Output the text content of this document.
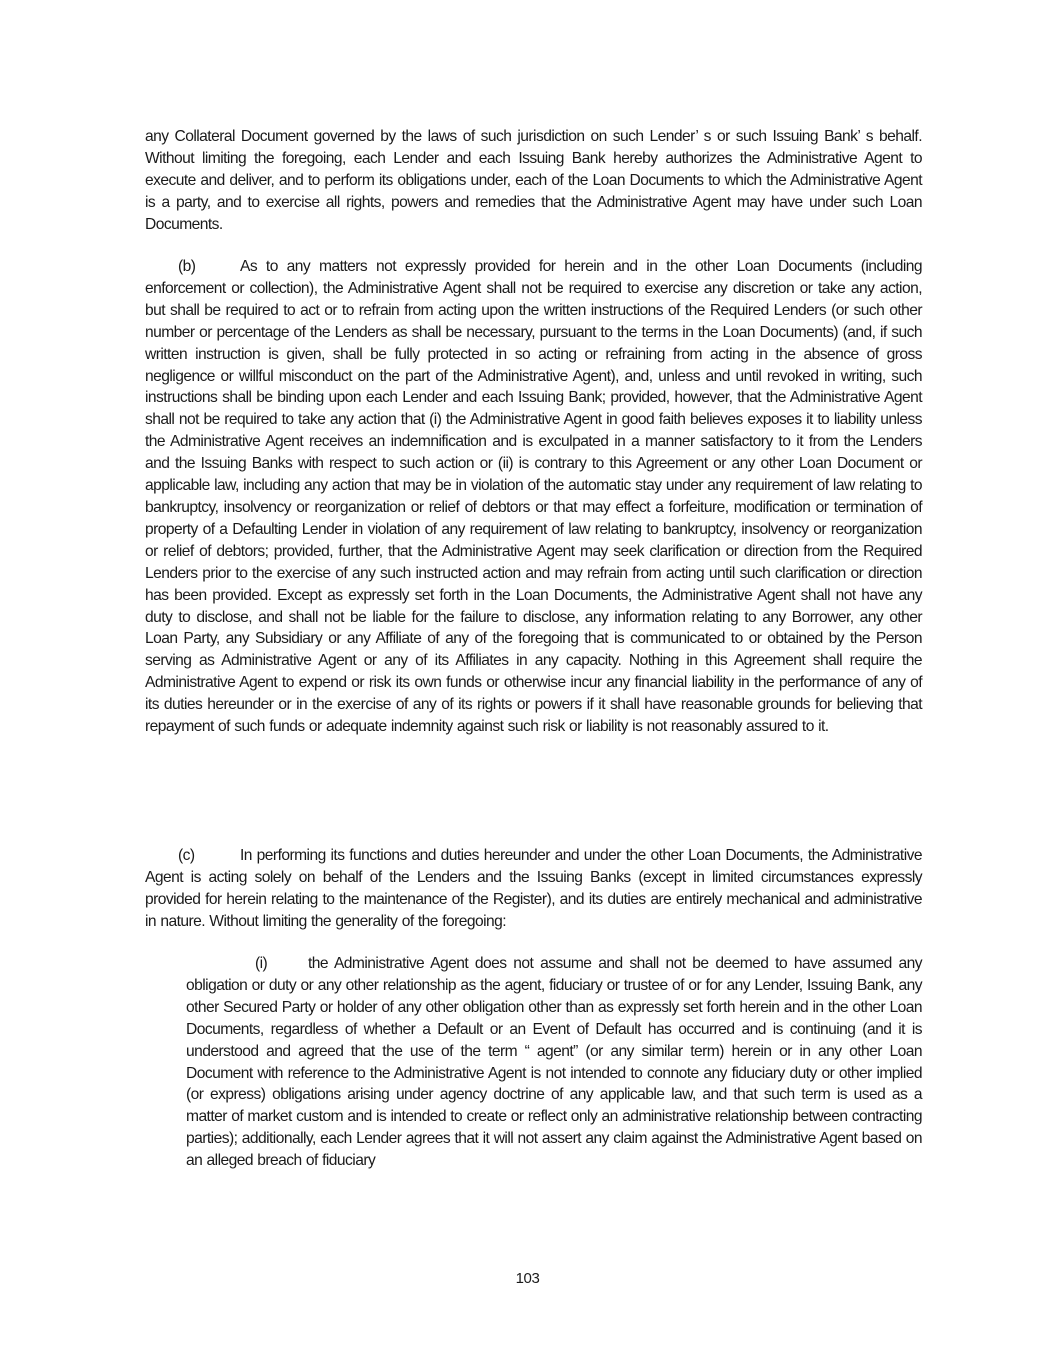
any Collateral Document governed by the laws of such jurisdiction on such Lender’ s or such Issuing Bank’ s behalf. Without limiting the foregoing, each Lender and each Issuing Bank hereby authorizes the Administrative Agent to execute and deliver, and to perform its obligations under, each of the Loan Documents to which the Administrative Agent is a party, and to exercise all rights, powers and remedies that the Administrative Agent may have under such Loan Documents.

(b)	As to any matters not expressly provided for herein and in the other Loan Documents (including enforcement or collection), the Administrative Agent shall not be required to exercise any discretion or take any action, but shall be required to act or to refrain from acting upon the written instructions of the Required Lenders (or such other number or percentage of the Lenders as shall be necessary, pursuant to the terms in the Loan Documents) (and, if such written instruction is given, shall be fully protected in so acting or refraining from acting in the absence of gross negligence or willful misconduct on the part of the Administrative Agent), and, unless and until revoked in writing, such instructions shall be binding upon each Lender and each Issuing Bank; provided, however, that the Administrative Agent shall not be required to take any action that (i) the Administrative Agent in good faith believes exposes it to liability unless the Administrative Agent receives an indemnification and is exculpated in a manner satisfactory to it from the Lenders and the Issuing Banks with respect to such action or (ii) is contrary to this Agreement or any other Loan Document or applicable law, including any action that may be in violation of the automatic stay under any requirement of law relating to bankruptcy, insolvency or reorganization or relief of debtors or that may effect a forfeiture, modification or termination of property of a Defaulting Lender in violation of any requirement of law relating to bankruptcy, insolvency or reorganization or relief of debtors; provided, further, that the Administrative Agent may seek clarification or direction from the Required Lenders prior to the exercise of any such instructed action and may refrain from acting until such clarification or direction has been provided. Except as expressly set forth in the Loan Documents, the Administrative Agent shall not have any duty to disclose, and shall not be liable for the failure to disclose, any information relating to any Borrower, any other Loan Party, any Subsidiary or any Affiliate of any of the foregoing that is communicated to or obtained by the Person serving as Administrative Agent or any of its Affiliates in any capacity. Nothing in this Agreement shall require the Administrative Agent to expend or risk its own funds or otherwise incur any financial liability in the performance of any of its duties hereunder or in the exercise of any of its rights or powers if it shall have reasonable grounds for believing that repayment of such funds or adequate indemnity against such risk or liability is not reasonably assured to it.

(c)	In performing its functions and duties hereunder and under the other Loan Documents, the Administrative Agent is acting solely on behalf of the Lenders and the Issuing Banks (except in limited circumstances expressly provided for herein relating to the maintenance of the Register), and its duties are entirely mechanical and administrative in nature. Without limiting the generality of the foregoing:

(i)	the Administrative Agent does not assume and shall not be deemed to have assumed any obligation or duty or any other relationship as the agent, fiduciary or trustee of or for any Lender, Issuing Bank, any other Secured Party or holder of any other obligation other than as expressly set forth herein and in the other Loan Documents, regardless of whether a Default or an Event of Default has occurred and is continuing (and it is understood and agreed that the use of the term “ agent” (or any similar term) herein or in any other Loan Document with reference to the Administrative Agent is not intended to connote any fiduciary duty or other implied (or express) obligations arising under agency doctrine of any applicable law, and that such term is used as a matter of market custom and is intended to create or reflect only an administrative relationship between contracting parties); additionally, each Lender agrees that it will not assert any claim against the Administrative Agent based on an alleged breach of fiduciary

103
